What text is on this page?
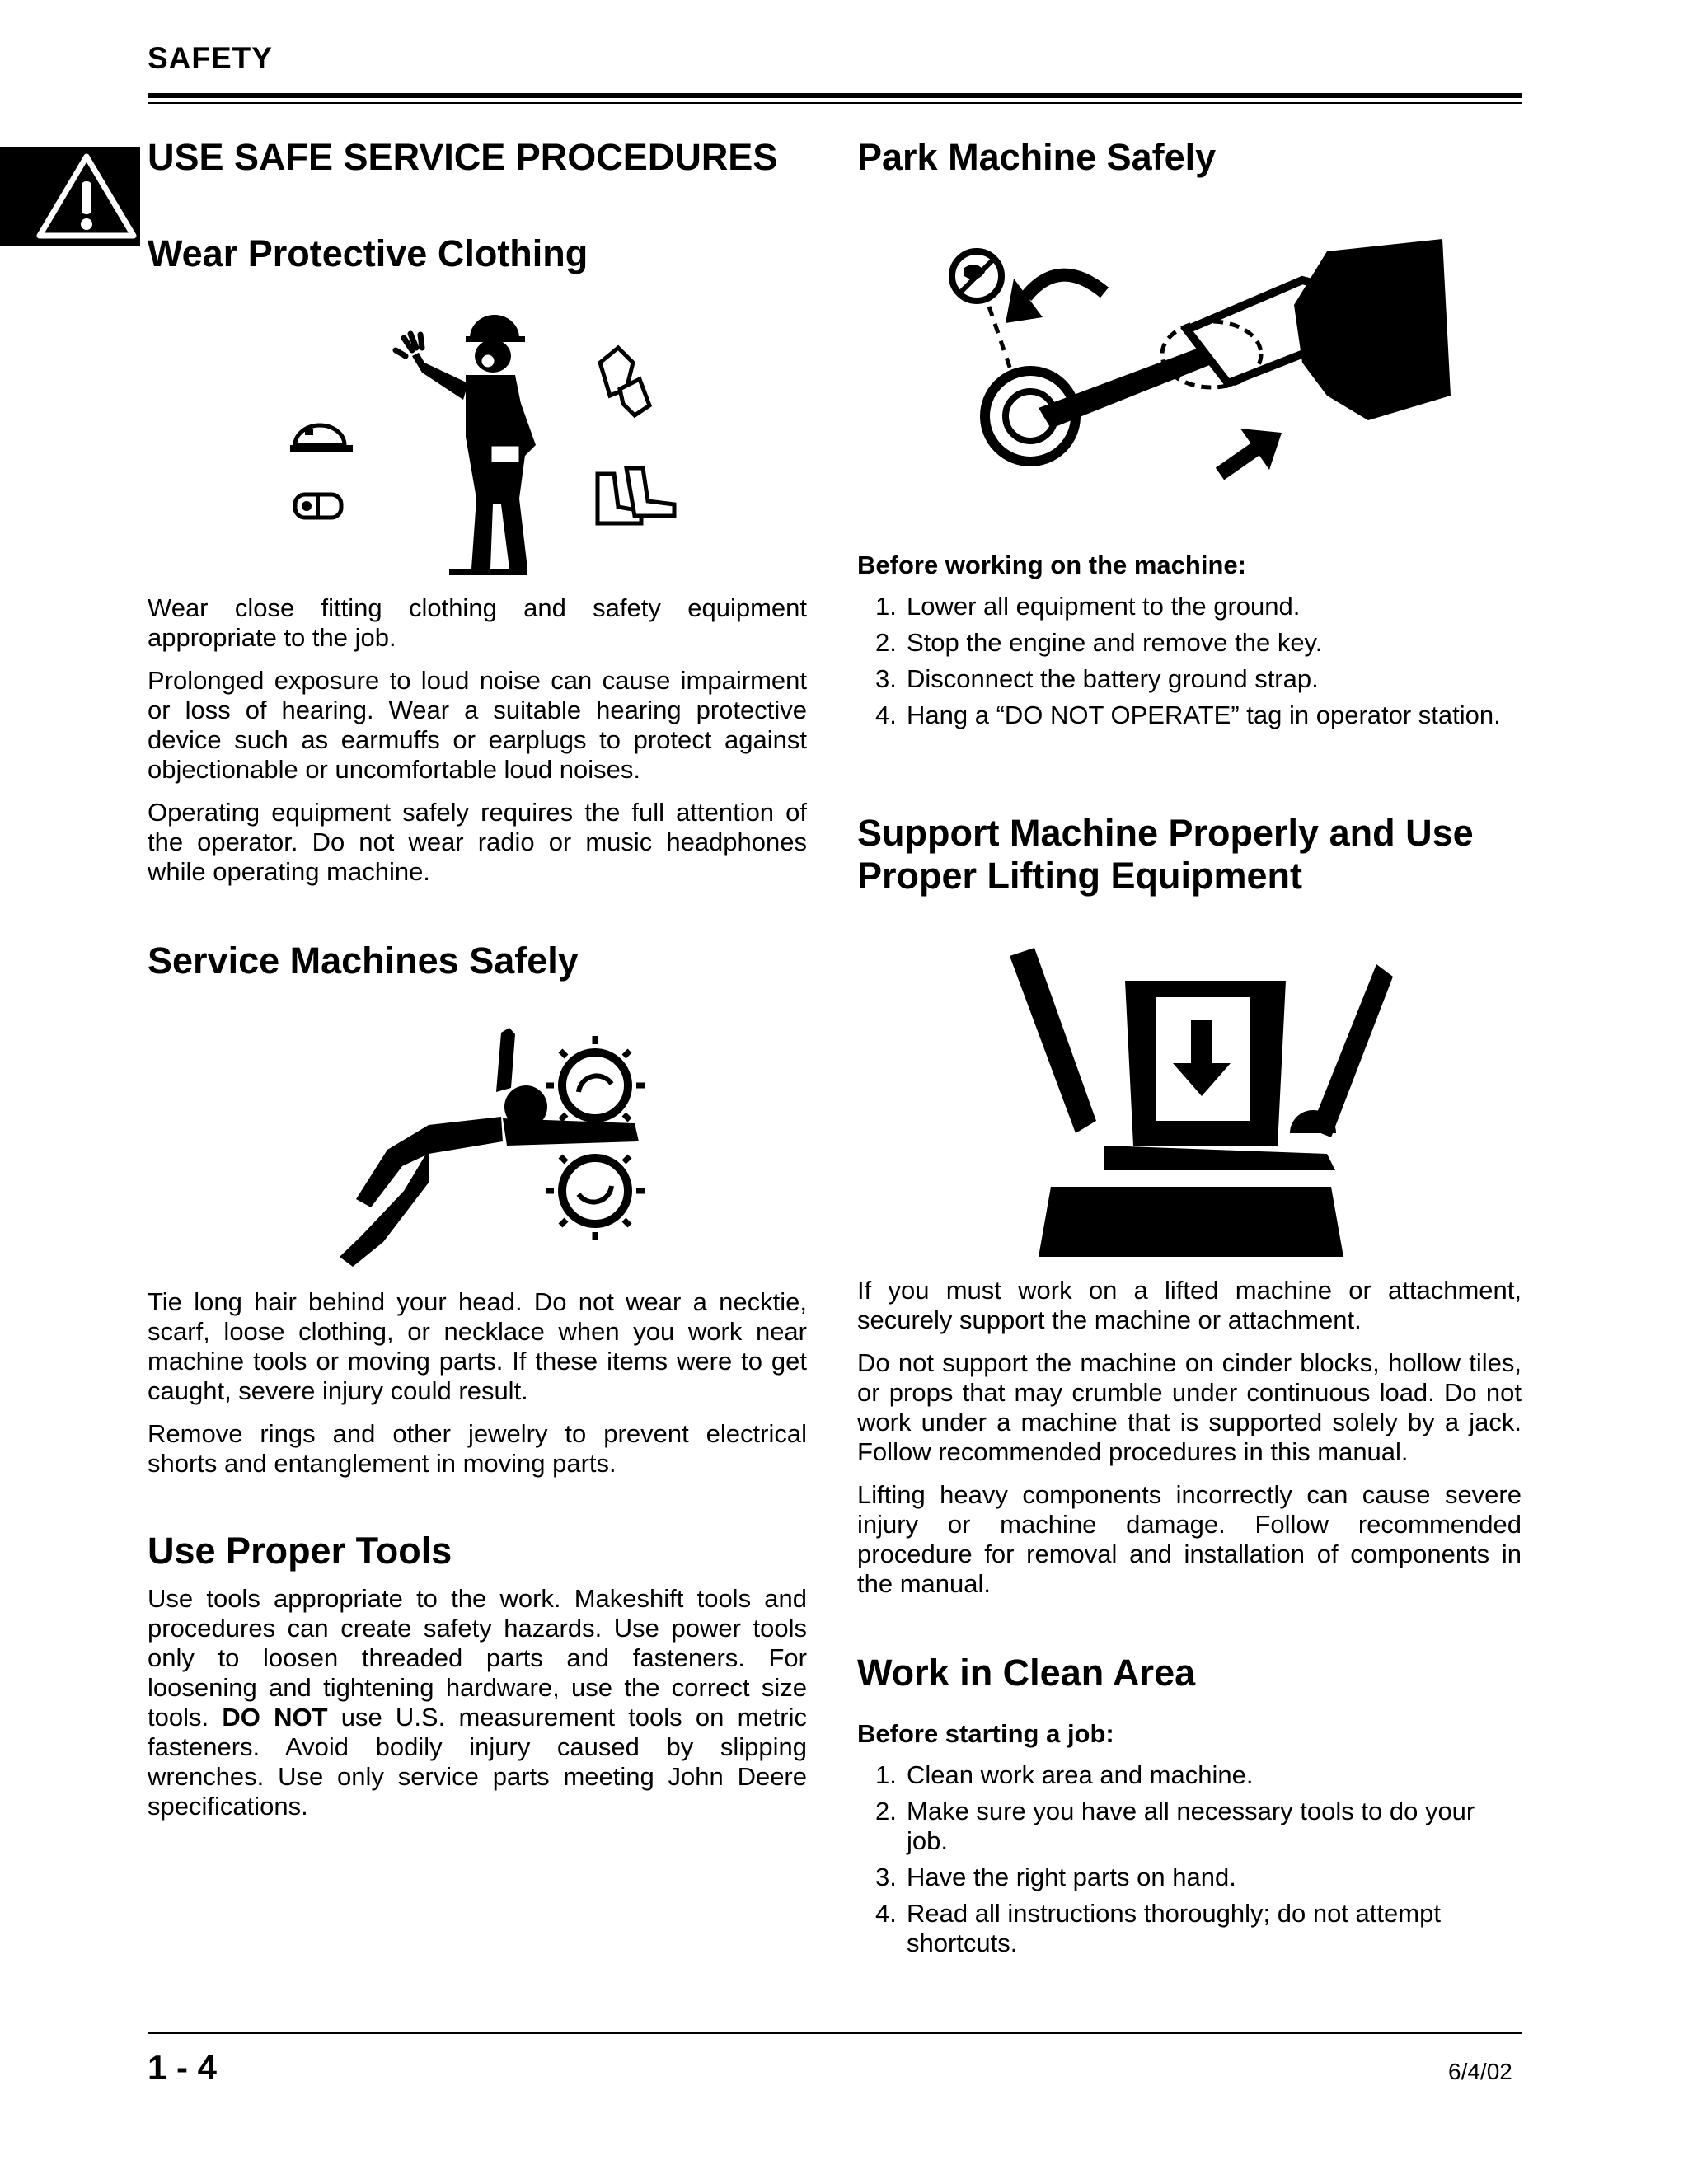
SAFETY
USE SAFE SERVICE PROCEDURES
Wear Protective Clothing

Wear close fitting clothing and safety equipment appropriate to the job.

Prolonged exposure to loud noise can cause impairment or loss of hearing. Wear a suitable hearing protective device such as earmuffs or earplugs to protect against objectionable or uncomfortable loud noises.

Operating equipment safely requires the full attention of the operator. Do not wear radio or music headphones while operating machine.

Service Machines Safely

Tie long hair behind your head. Do not wear a necktie, scarf, loose clothing, or necklace when you work near machine tools or moving parts. If these items were to get caught, severe injury could result.

Remove rings and other jewelry to prevent electrical shorts and entanglement in moving parts.

Use Proper Tools

Use tools appropriate to the work. Makeshift tools and procedures can create safety hazards. Use power tools only to loosen threaded parts and fasteners. For loosening and tightening hardware, use the correct size tools. DO NOT use U.S. measurement tools on metric fasteners. Avoid bodily injury caused by slipping wrenches. Use only service parts meeting John Deere specifications.

Park Machine Safely

Before working on the machine:

1. Lower all equipment to the ground.
2. Stop the engine and remove the key.
3. Disconnect the battery ground strap.
4. Hang a “DO NOT OPERATE” tag in operator station.
Support Machine Properly and Use Proper Lifting Equipment

If you must work on a lifted machine or attachment, securely support the machine or attachment.

Do not support the machine on cinder blocks, hollow tiles, or props that may crumble under continuous load. Do not work under a machine that is supported solely by a jack. Follow recommended procedures in this manual.

Lifting heavy components incorrectly can cause severe injury or machine damage. Follow recommended procedure for removal and installation of components in the manual.

Work in Clean Area

Before starting a job:

1. Clean work area and machine.
2. Make sure you have all necessary tools to do your job.
3. Have the right parts on hand.
4. Read all instructions thoroughly; do not attempt shortcuts.
1 - 4	6/4/02
